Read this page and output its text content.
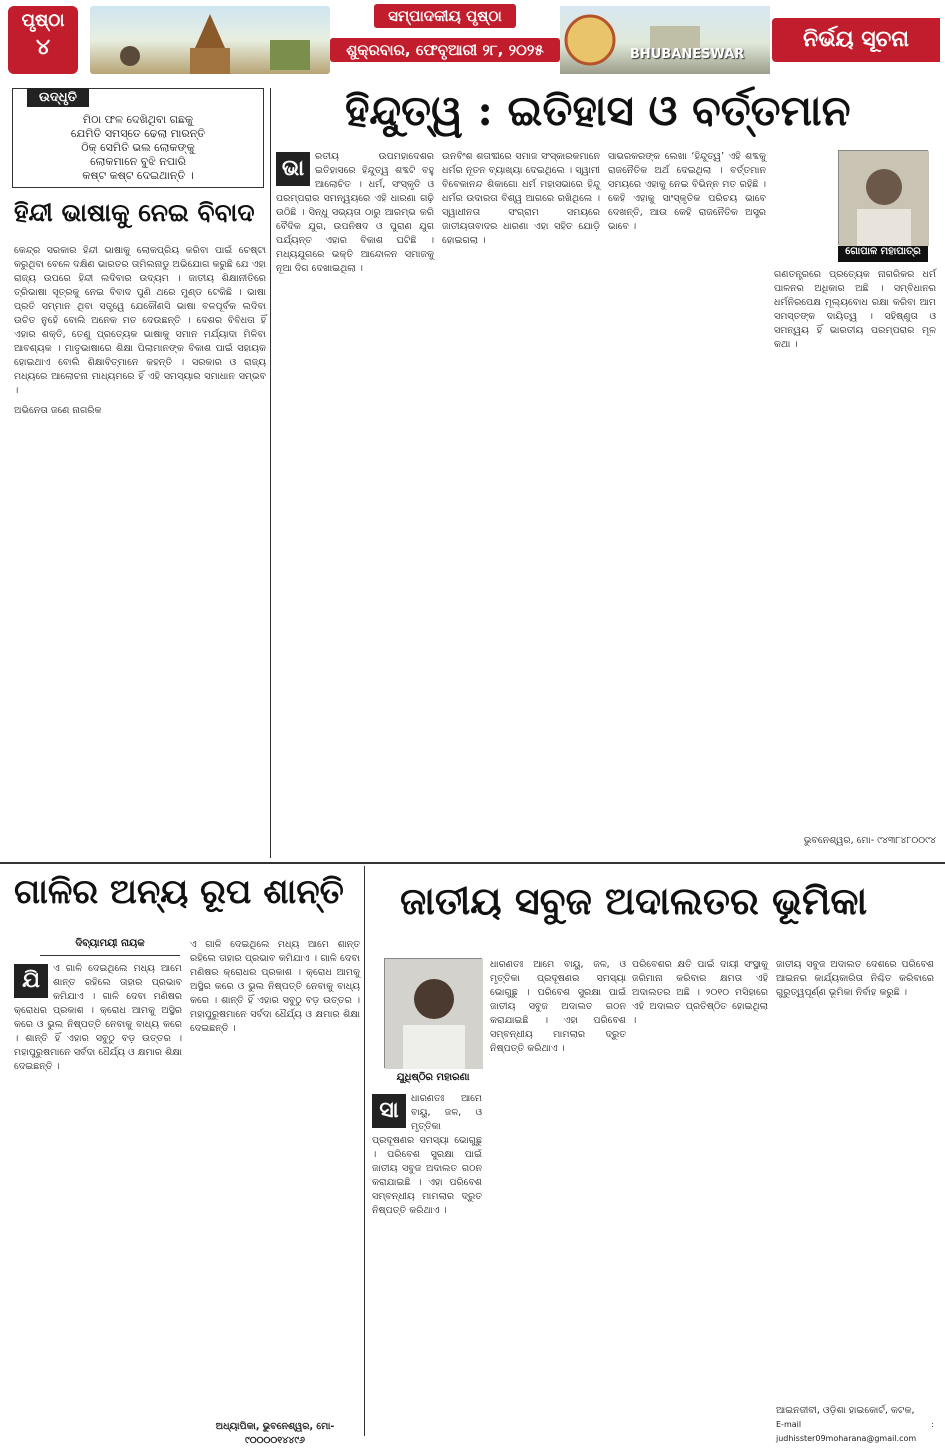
ପୃଷ୍ଠା
୪
ସମ୍ପାଦକୀୟ ପୃଷ୍ଠା
ଶୁକ୍ରବାର, ଫେବୃଆରୀ ୨୮, ୨୦୨୫	BHUBANESWAR
ନିର୍ଭୟ ସୂଚନା
ଉଦ୍ଧୃତି
ମିଠା ଫଳ ଦେଖିଥିବା ଗଛକୁ
ଯେମିତି ସମସ୍ତେ ଢେଲା ମାରନ୍ତି
ଠିକ୍ ସେମିତି ଭଲ ଲୋକଙ୍କୁ
ଲୋକମାନେ ବୁଝି ନପାରି
କଷ୍ଟ କଷ୍ଟ ଦେଇଥାନ୍ତି ।
ହିନ୍ଦୀ ଭାଷାକୁ ନେଇ ବିବାଦ

କେନ୍ଦ୍ର ସରକାର ହିନ୍ଦୀ ଭାଷାକୁ ଲୋକପ୍ରିୟ କରିବା ପାଇଁ ଚେଷ୍ଟା କରୁଥିବା ବେଳେ ଦକ୍ଷିଣ ଭାରତର ତାମିଲନାଡୁ ଅଭିଯୋଗ କରୁଛି ଯେ ଏହା ରାଜ୍ୟ ଉପରେ ହିନ୍ଦୀ ଲଦିବାର ଉଦ୍ୟମ । ଜାତୀୟ ଶିକ୍ଷାନୀତିରେ ତ୍ରିଭାଷା ସୂତ୍ରକୁ ନେଇ ବିବାଦ ପୁଣି ଥରେ ମୁଣ୍ଡ ଟେକିଛି । ଭାଷା ପ୍ରତି ସମ୍ମାନ ଥିବା ସତ୍ତ୍ୱେ ଯେକୌଣସି ଭାଷା ବଳପୂର୍ବକ ଲଦିବା ଉଚିତ ନୁହେଁ ବୋଲି ଅନେକ ମତ ଦେଉଛନ୍ତି । ଦେଶର ବିବିଧତା ହିଁ ଏହାର ଶକ୍ତି, ତେଣୁ ପ୍ରତ୍ୟେକ ଭାଷାକୁ ସମାନ ମର୍ଯ୍ୟାଦା ମିଳିବା ଆବଶ୍ୟକ । ମାତୃଭାଷାରେ ଶିକ୍ଷା ପିଲାମାନଙ୍କ ବିକାଶ ପାଇଁ ସହାୟକ ହୋଇଥାଏ ବୋଲି ଶିକ୍ଷାବିତ୍‌ମାନେ କହନ୍ତି । ସରକାର ଓ ରାଜ୍ୟ ମଧ୍ୟରେ ଆଲୋଚନା ମାଧ୍ୟମରେ ହିଁ ଏହି ସମସ୍ୟାର ସମାଧାନ ସମ୍ଭବ ।

ଅଭିନେତା ଜଣେ ନାଗରିକ

ହିନ୍ଦୁତ୍ୱ : ଇତିହାସ ଓ ବର୍ତ୍ତମାନ
ଭା	ରତୀୟ ଉପମହାଦେଶର ଇତିହାସରେ ହିନ୍ଦୁତ୍ୱ ଶବ୍ଦଟି ବହୁ ଆଲୋଚିତ । ଧର୍ମ, ସଂସ୍କୃତି ଓ ପରମ୍ପରାର ସମନ୍ୱୟରେ ଏହି ଧାରଣା ଗଢ଼ି ଉଠିଛି । ସିନ୍ଧୁ ସଭ୍ୟତା ଠାରୁ ଆରମ୍ଭ କରି ବୈଦିକ ଯୁଗ, ଉପନିଷଦ ଓ ପୁରାଣ ଯୁଗ ପର୍ଯ୍ୟନ୍ତ ଏହାର ବିକାଶ ଘଟିଛି । ମଧ୍ୟଯୁଗରେ ଭକ୍ତି ଆନ୍ଦୋଳନ ସମାଜକୁ ନୂଆ ଦିଗ ଦେଖାଇଥିଲା ।

ଉନବିଂଶ ଶତାବ୍ଦୀରେ ସମାଜ ସଂସ୍କାରକମାନେ ଧର୍ମର ନୂତନ ବ୍ୟାଖ୍ୟା ଦେଇଥିଲେ । ସ୍ୱାମୀ ବିବେକାନନ୍ଦ ଶିକାଗୋ ଧର୍ମ ମହାସଭାରେ ହିନ୍ଦୁ ଧର୍ମର ଉଦାରତା ବିଶ୍ୱ ଆଗରେ ରଖିଥିଲେ । ସ୍ୱାଧୀନତା ସଂଗ୍ରାମ ସମୟରେ ଜାତୀୟତାବାଦର ଧାରଣା ଏହା ସହିତ ଯୋଡ଼ି ହୋଇଗଲା ।

ସାଭରକରଙ୍କ ଲେଖା ‘ହିନ୍ଦୁତ୍ୱ’ ଏହି ଶବ୍ଦକୁ ରାଜନୈତିକ ଅର୍ଥ ଦେଇଥିଲା । ବର୍ତ୍ତମାନ ସମୟରେ ଏହାକୁ ନେଇ ବିଭିନ୍ନ ମତ ରହିଛି । କେହି ଏହାକୁ ସାଂସ୍କୃତିକ ପରିଚୟ ଭାବେ ଦେଖନ୍ତି, ଆଉ କେହି ରାଜନୈତିକ ଅସ୍ତ୍ର ଭାବେ ।

ଗୋପାଳ ମହାପାତ୍ର

ଗଣତନ୍ତ୍ରରେ ପ୍ରତ୍ୟେକ ନାଗରିକର ଧର୍ମ ପାଳନର ଅଧିକାର ଅଛି । ସମ୍ବିଧାନର ଧର୍ମନିରପେକ୍ଷ ମୂଲ୍ୟବୋଧ ରକ୍ଷା କରିବା ଆମ ସମସ୍ତଙ୍କ ଦାୟିତ୍ୱ । ସହିଷ୍ଣୁତା ଓ ସମନ୍ୱୟ ହିଁ ଭାରତୀୟ ପରମ୍ପରାର ମୂଳ କଥା ।

ଭୁବନେଶ୍ୱର, ମୋ- ୯୪୩୮୪୮୦୦୯୪
ଗାଳିର ଅନ୍ୟ ରୂପ ଶାନ୍ତି
ଦିବ୍ୟାମୟୀ ନାୟକ
ଯି	ଏ ଗାଳି ଦେଇଥିଲେ ମଧ୍ୟ ଆମେ ଶାନ୍ତ ରହିଲେ ତାହାର ପ୍ରଭାବ କମିଯାଏ । ଗାଳି ଦେବା ମଣିଷର କ୍ରୋଧର ପ୍ରକାଶ । କ୍ରୋଧ ଆମକୁ ଅସ୍ଥିର କରେ ଓ ଭୁଲ ନିଷ୍ପତ୍ତି ନେବାକୁ ବାଧ୍ୟ କରେ । ଶାନ୍ତି ହିଁ ଏହାର ସବୁଠୁ ବଡ଼ ଉତ୍ତର । ମହାପୁରୁଷମାନେ ସର୍ବଦା ଧୈର୍ଯ୍ୟ ଓ କ୍ଷମାର ଶିକ୍ଷା ଦେଇଛନ୍ତି ।

ଏ ଗାଳି ଦେଇଥିଲେ ମଧ୍ୟ ଆମେ ଶାନ୍ତ ରହିଲେ ତାହାର ପ୍ରଭାବ କମିଯାଏ । ଗାଳି ଦେବା ମଣିଷର କ୍ରୋଧର ପ୍ରକାଶ । କ୍ରୋଧ ଆମକୁ ଅସ୍ଥିର କରେ ଓ ଭୁଲ ନିଷ୍ପତ୍ତି ନେବାକୁ ବାଧ୍ୟ କରେ । ଶାନ୍ତି ହିଁ ଏହାର ସବୁଠୁ ବଡ଼ ଉତ୍ତର । ମହାପୁରୁଷମାନେ ସର୍ବଦା ଧୈର୍ଯ୍ୟ ଓ କ୍ଷମାର ଶିକ୍ଷା ଦେଇଛନ୍ତି ।

ଅଧ୍ୟାପିକା, ଭୁବନେଶ୍ୱର, ମୋ- ୯୦୦୦୦୧୪୪୯୬
ଜାତୀୟ ସବୁଜ ଅଦାଲତର ଭୂମିକା
ଯୁଧିଷ୍ଠିର ମହାରଣା
ସା	ଧାରଣତଃ ଆମେ ବାୟୁ, ଜଳ, ଓ ମୃତ୍ତିକା ପ୍ରଦୂଷଣର ସମସ୍ୟା ଭୋଗୁଛୁ । ପରିବେଶ ସୁରକ୍ଷା ପାଇଁ ଜାତୀୟ ସବୁଜ ଅଦାଲତ ଗଠନ କରାଯାଇଛି । ଏହା ପରିବେଶ ସମ୍ବନ୍ଧୀୟ ମାମଲାର ଦ୍ରୁତ ନିଷ୍ପତ୍ତି କରିଥାଏ ।

ଧାରଣତଃ ଆମେ ବାୟୁ, ଜଳ, ଓ ମୃତ୍ତିକା ପ୍ରଦୂଷଣର ସମସ୍ୟା ଭୋଗୁଛୁ । ପରିବେଶ ସୁରକ୍ଷା ପାଇଁ ଜାତୀୟ ସବୁଜ ଅଦାଲତ ଗଠନ କରାଯାଇଛି । ଏହା ପରିବେଶ ସମ୍ବନ୍ଧୀୟ ମାମଲାର ଦ୍ରୁତ ନିଷ୍ପତ୍ତି କରିଥାଏ ।

ପରିବେଶର କ୍ଷତି ପାଇଁ ଦାୟୀ ସଂସ୍ଥାକୁ ଜରିମାନା କରିବାର କ୍ଷମତା ଏହି ଅଦାଲତର ଅଛି । ୨୦୧୦ ମସିହାରେ ଏହି ଅଦାଲତ ପ୍ରତିଷ୍ଠିତ ହୋଇଥିଲା ।

ଜାତୀୟ ସବୁଜ ଅଦାଲତ ଦେଶରେ ପରିବେଶ ଆଇନର କାର୍ଯ୍ୟକାରିତା ନିଶ୍ଚିତ କରିବାରେ ଗୁରୁତ୍ୱପୂର୍ଣ୍ଣ ଭୂମିକା ନିର୍ବାହ କରୁଛି ।

ଆଇନଜୀବୀ, ଓଡ଼ିଶା ହାଇକୋର୍ଟ, କଟକ,
E-mail : judhisster09moharana@gmail.com
